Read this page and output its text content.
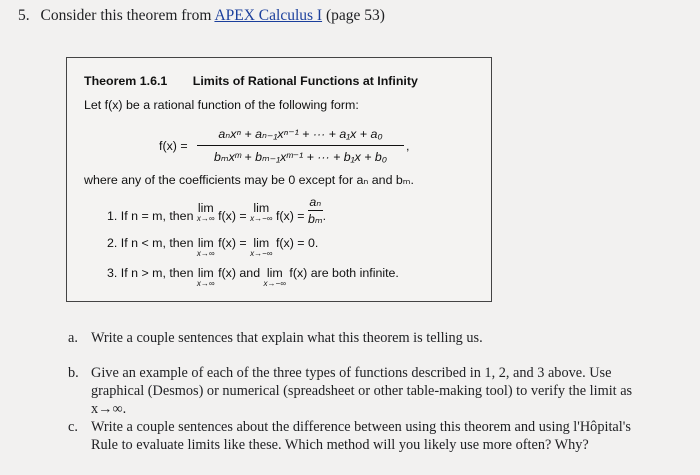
5. Consider this theorem from APEX Calculus I (page 53)
Theorem 1.6.1 Limits of Rational Functions at Infinity
Let f(x) be a rational function of the following form:
f(x) =
aₙxⁿ + aₙ₋₁xⁿ⁻¹ + ··· + a₁x + a₀
bₘxᵐ + bₘ₋₁xᵐ⁻¹ + ··· + b₁x + b₀
,
where any of the coefficients may be 0 except for aₙ and bₘ.
1. If n = m, then lim
x→∞ f(x) = lim
x→−∞ $f(x) = \frac{\text{aₙ}}{\text{bₘ}}$ .
2. If n < m, then lim
x→∞
f(x) = lim
x→−∞
f(x) = 0.
3. If n > m, then lim
x→∞
f(x) and lim
x→−∞
f(x) are both infinite.
a. Write a couple sentences that explain what this theorem is telling us.
b. Give an example of each of the three types of functions described in 1, 2, and 3 above. Use graphical (Desmos) or numerical (spreadsheet or other table-making tool) to verify the limit as x→∞.
c. Write a couple sentences about the difference between using this theorem and using l'Hôpital's Rule to evaluate limits like these. Which method will you likely use more often? Why?
